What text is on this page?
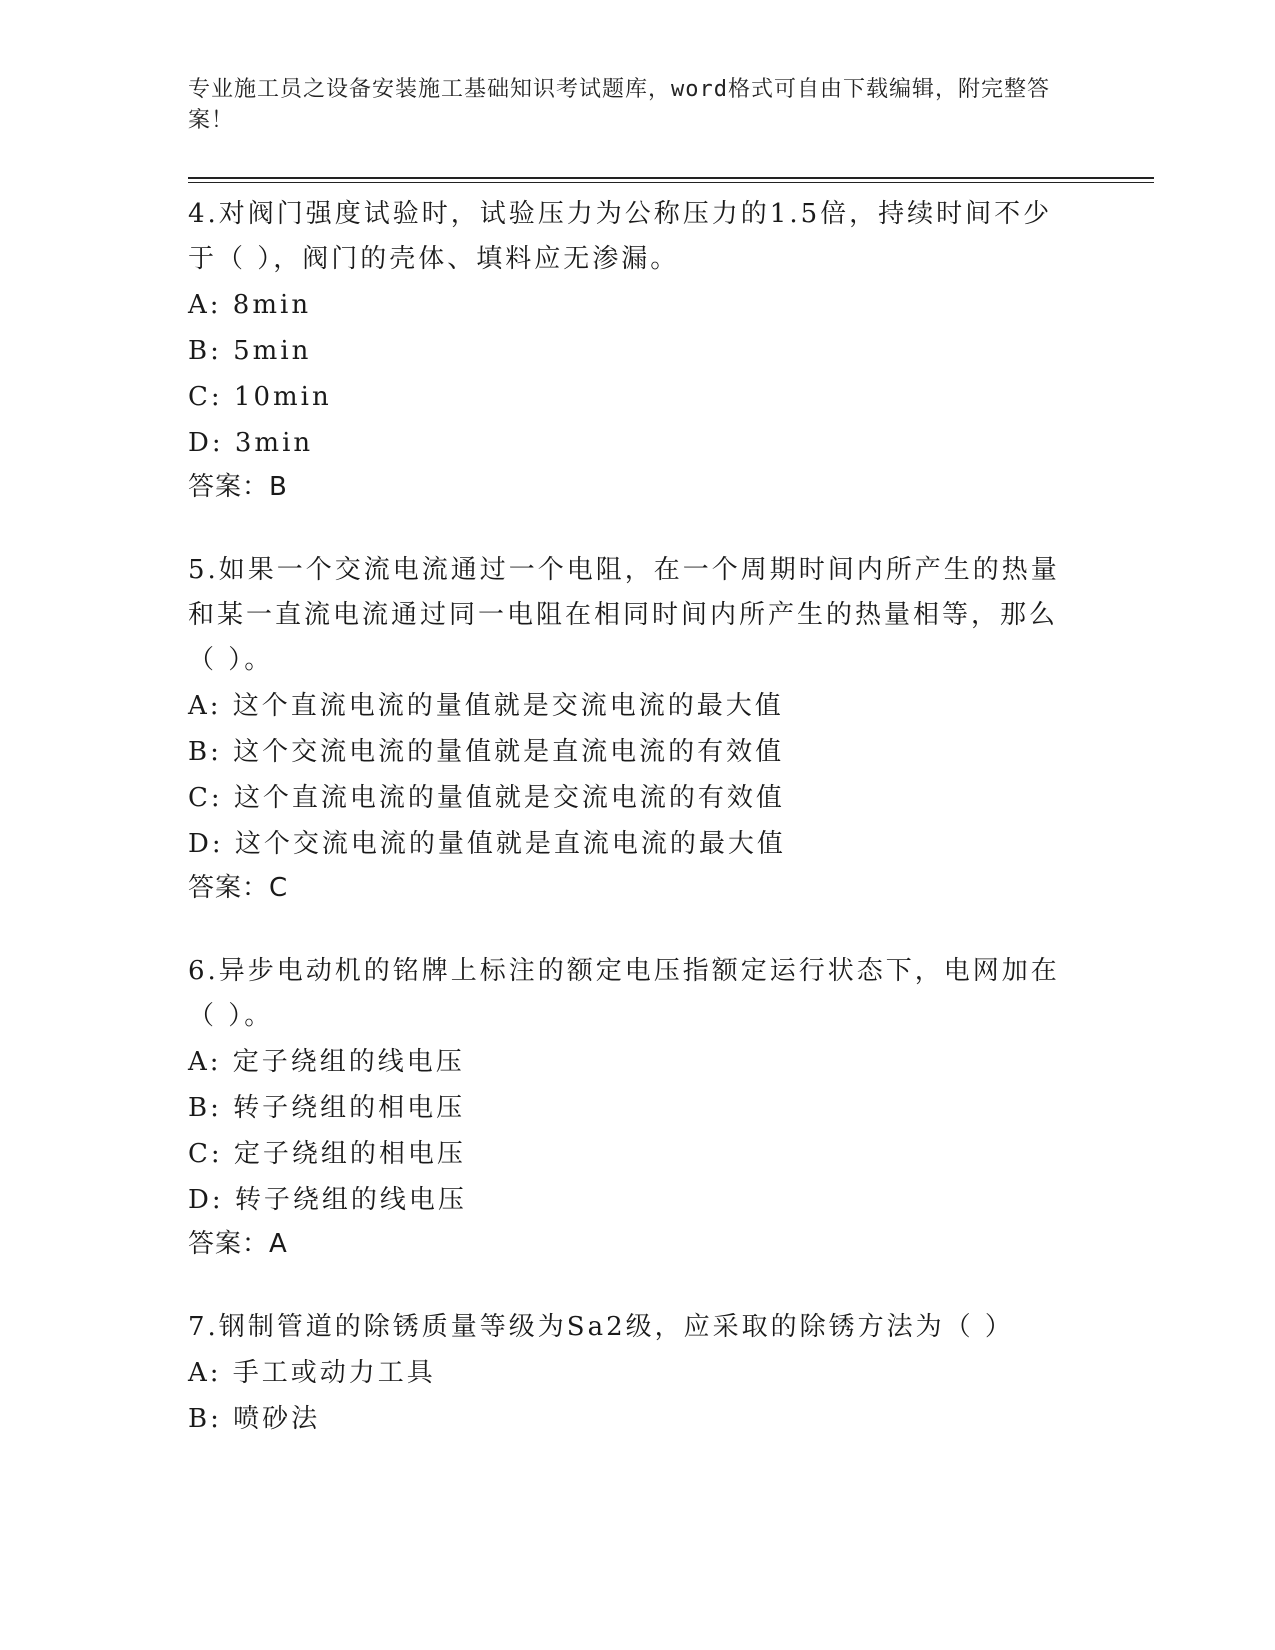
专业施工员之设备安装施工基础知识考试题库，word格式可自由下载编辑，附完整答案！
4.对阀门强度试验时，试验压力为公称压力的1.5倍，持续时间不少于（ ），阀门的壳体、填料应无渗漏。
A: 8min
B: 5min
C: 10min
D: 3min
答案：B
5.如果一个交流电流通过一个电阻，在一个周期时间内所产生的热量和某一直流电流通过同一电阻在相同时间内所产生的热量相等，那么（ ）。
A: 这个直流电流的量值就是交流电流的最大值
B: 这个交流电流的量值就是直流电流的有效值
C: 这个直流电流的量值就是交流电流的有效值
D: 这个交流电流的量值就是直流电流的最大值
答案：C
6.异步电动机的铭牌上标注的额定电压指额定运行状态下，电网加在（ ）。
A: 定子绕组的线电压
B: 转子绕组的相电压
C: 定子绕组的相电压
D: 转子绕组的线电压
答案：A
7.钢制管道的除锈质量等级为Sa2级，应采取的除锈方法为（ ）
A: 手工或动力工具
B: 喷砂法
